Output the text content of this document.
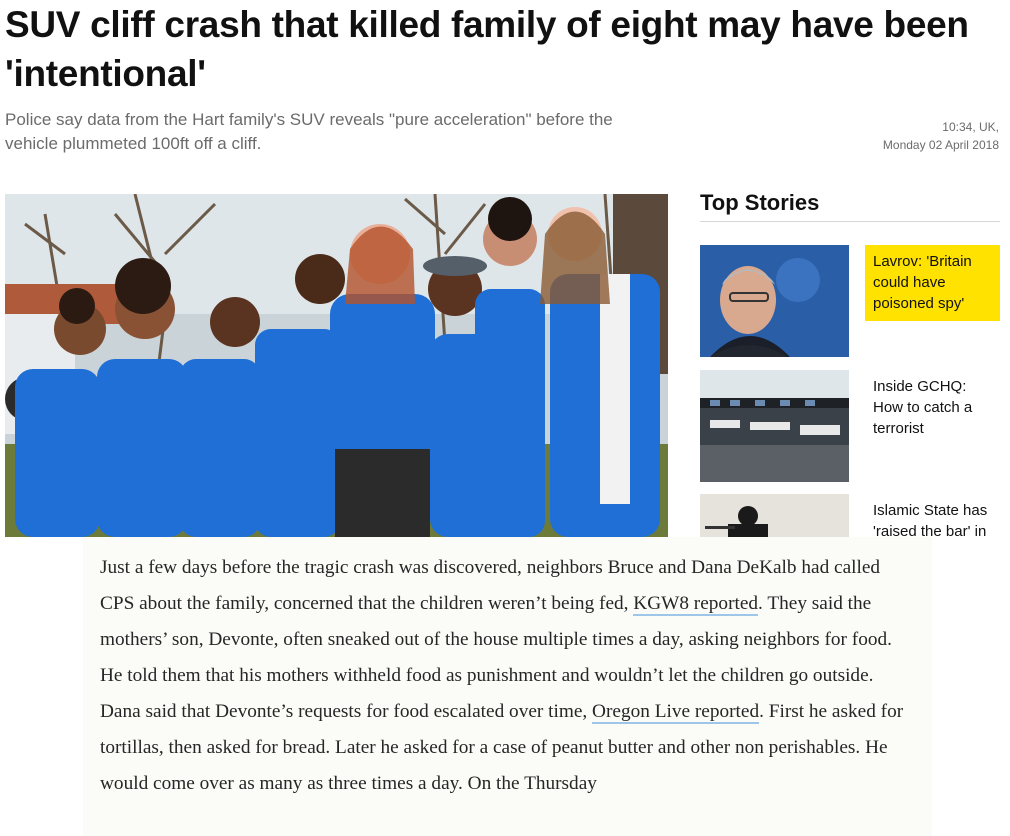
SUV cliff crash that killed family of eight may have been 'intentional'

Police say data from the Hart family's SUV reveals "pure acceleration" before the vehicle plummeted 100ft off a cliff.

10:34, UK,
Monday 02 April 2018
Top Stories
Lavrov: 'Britain could have poisoned spy'
Inside GCHQ: How to catch a terrorist
Islamic State has 'raised the bar' in

Just a few days before the tragic crash was discovered, neighbors Bruce and Dana DeKalb had called CPS about the family, concerned that the children weren’t being fed, KGW8 reported. They said the mothers’ son, Devonte, often sneaked out of the house multiple times a day, asking neighbors for food. He told them that his mothers withheld food as punishment and wouldn’t let the children go outside. Dana said that Devonte’s requests for food escalated over time, Oregon Live reported. First he asked for tortillas, then asked for bread. Later he asked for a case of peanut butter and other non perishables. He would come over as many as three times a day. On the Thursday
